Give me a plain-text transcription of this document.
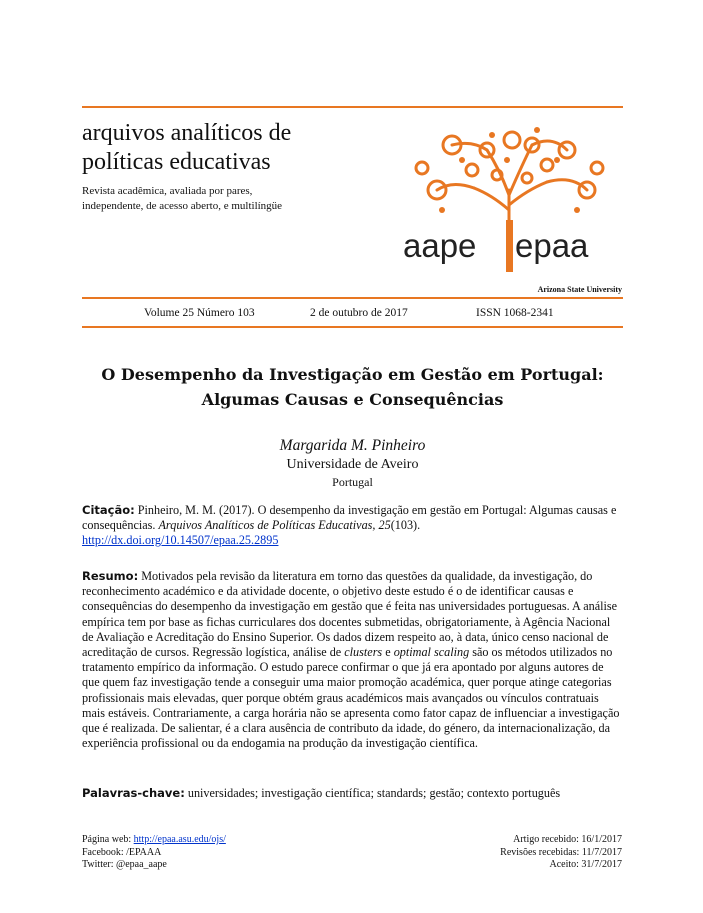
arquivos analíticos de
políticas educativas
Revista acadêmica, avaliada por pares,
independente, de acesso aberto, e multilíngüe
aape epaa
Arizona State University
Volume 25 Número 103	2 de outubro de 2017	ISSN 1068-2341
O Desempenho da Investigação em Gestão em Portugal:
Algumas Causas e Consequências
Margarida M. Pinheiro
Universidade de Aveiro
Portugal
Citação: Pinheiro, M. M. (2017). O desempenho da investigação em gestão em Portugal: Algumas causas e consequências. Arquivos Analíticos de Políticas Educativas, 25(103).
http://dx.doi.org/10.14507/epaa.25.2895
Resumo: Motivados pela revisão da literatura em torno das questões da qualidade, da investigação, do reconhecimento académico e da atividade docente, o objetivo deste estudo é o de identificar causas e consequências do desempenho da investigação em gestão que é feita nas universidades portuguesas. A análise empírica tem por base as fichas curriculares dos docentes submetidas, obrigatoriamente, à Agência Nacional de Avaliação e Acreditação do Ensino Superior. Os dados dizem respeito ao, à data, único censo nacional de acreditação de cursos. Regressão logística, análise de clusters e optimal scaling são os métodos utilizados no tratamento empírico da informação. O estudo parece confirmar o que já era apontado por alguns autores de que quem faz investigação tende a conseguir uma maior promoção académica, quer porque atinge categorias profissionais mais elevadas, quer porque obtém graus académicos mais avançados ou vínculos contratuais mais estáveis. Contrariamente, a carga horária não se apresenta como fator capaz de influenciar a investigação que é realizada. De salientar, é a clara ausência de contributo da idade, do género, da internacionalização, da experiência profissional ou da endogamia na produção da investigação científica.
Palavras-chave: universidades; investigação científica; standards; gestão; contexto português
Página web: http://epaa.asu.edu/ojs/
Facebook: /EPAAA
Twitter: @epaa_aape
Artigo recebido: 16/1/2017
Revisões recebidas: 11/7/2017
Aceito: 31/7/2017
